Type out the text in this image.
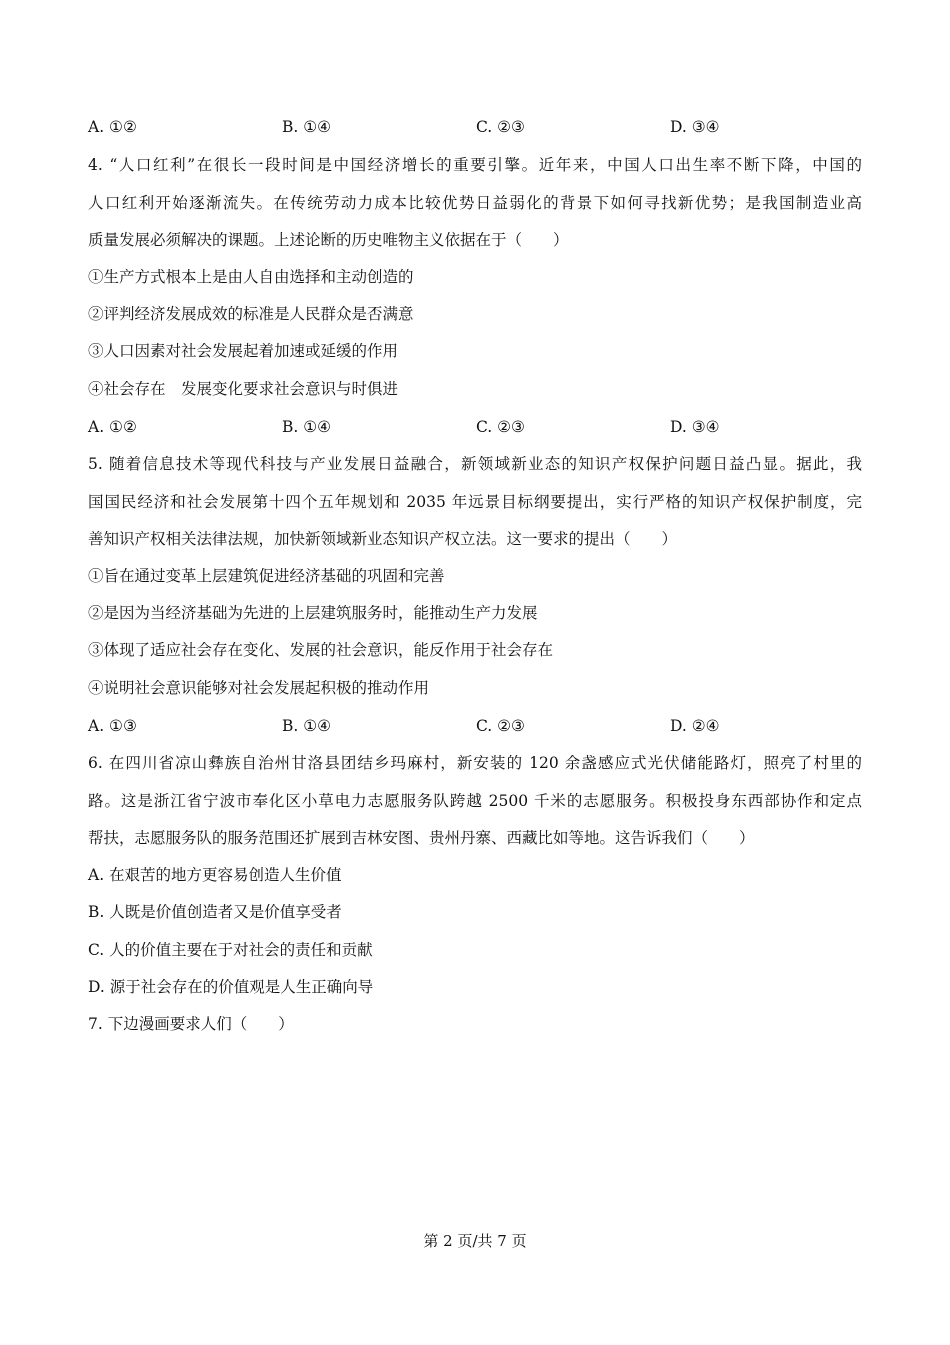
A. ①②	B. ①④	C. ②③	D. ③④
4. “人口红利”在很长一段时间是中国经济增长的重要引擎。近年来，中国人口出生率不断下降，中国的
人口红利开始逐渐流失。在传统劳动力成本比较优势日益弱化的背景下如何寻找新优势；是我国制造业高
质量发展必须解决的课题。上述论断的历史唯物主义依据在于（　　）
①生产方式根本上是由人自由选择和主动创造的
②评判经济发展成效的标准是人民群众是否满意
③人口因素对社会发展起着加速或延缓的作用
④社会存在　发展变化要求社会意识与时俱进
A. ①②	B. ①④	C. ②③	D. ③④
5. 随着信息技术等现代科技与产业发展日益融合，新领域新业态的知识产权保护问题日益凸显。据此，我
国国民经济和社会发展第十四个五年规划和 2035 年远景目标纲要提出，实行严格的知识产权保护制度，完
善知识产权相关法律法规，加快新领域新业态知识产权立法。这一要求的提出（　　）
①旨在通过变革上层建筑促进经济基础的巩固和完善
②是因为当经济基础为先进的上层建筑服务时，能推动生产力发展
③体现了适应社会存在变化、发展的社会意识，能反作用于社会存在
④说明社会意识能够对社会发展起积极的推动作用
A. ①③	B. ①④	C. ②③	D. ②④
6. 在四川省凉山彝族自治州甘洛县团结乡玛麻村，新安装的 120 余盏感应式光伏储能路灯，照亮了村里的
路。这是浙江省宁波市奉化区小草电力志愿服务队跨越 2500 千米的志愿服务。积极投身东西部协作和定点
帮扶，志愿服务队的服务范围还扩展到吉林安图、贵州丹寨、西藏比如等地。这告诉我们（　　）
A. 在艰苦的地方更容易创造人生价值
B. 人既是价值创造者又是价值享受者
C. 人的价值主要在于对社会的责任和贡献
D. 源于社会存在的价值观是人生正确向导
7. 下边漫画要求人们（　　）
第 2 页/共 7 页
